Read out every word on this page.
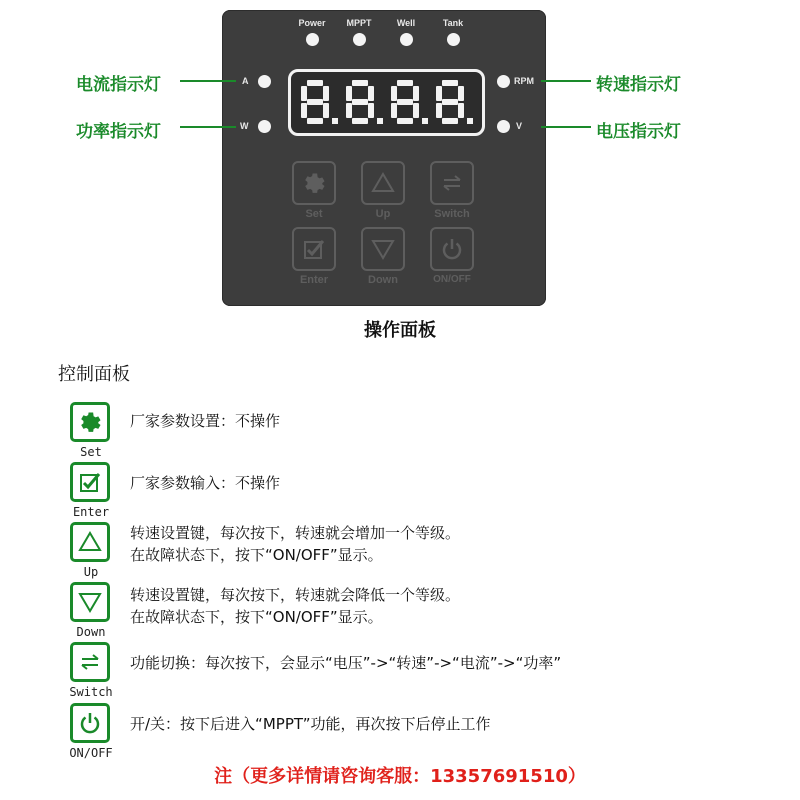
Power	MPPT	Well	Tank
A
W
RPM
V
Set	Up	Switch
Enter	Down	ON/OFF
电流指示灯
功率指示灯
转速指示灯
电压指示灯
操作面板
控制面板
Set
厂家参数设置：不操作
Enter
厂家参数输入：不操作
Up
转速设置键，每次按下，转速就会增加一个等级。
在故障状态下，按下“ON/OFF”显示。
Down
转速设置键，每次按下，转速就会降低一个等级。
在故障状态下，按下“ON/OFF”显示。
Switch
功能切换：每次按下，会显示“电压”->“转速”->“电流”->“功率”
ON/OFF
开/关：按下后进入“MPPT”功能，再次按下后停止工作
注（更多详情请咨询客服：13357691510）
